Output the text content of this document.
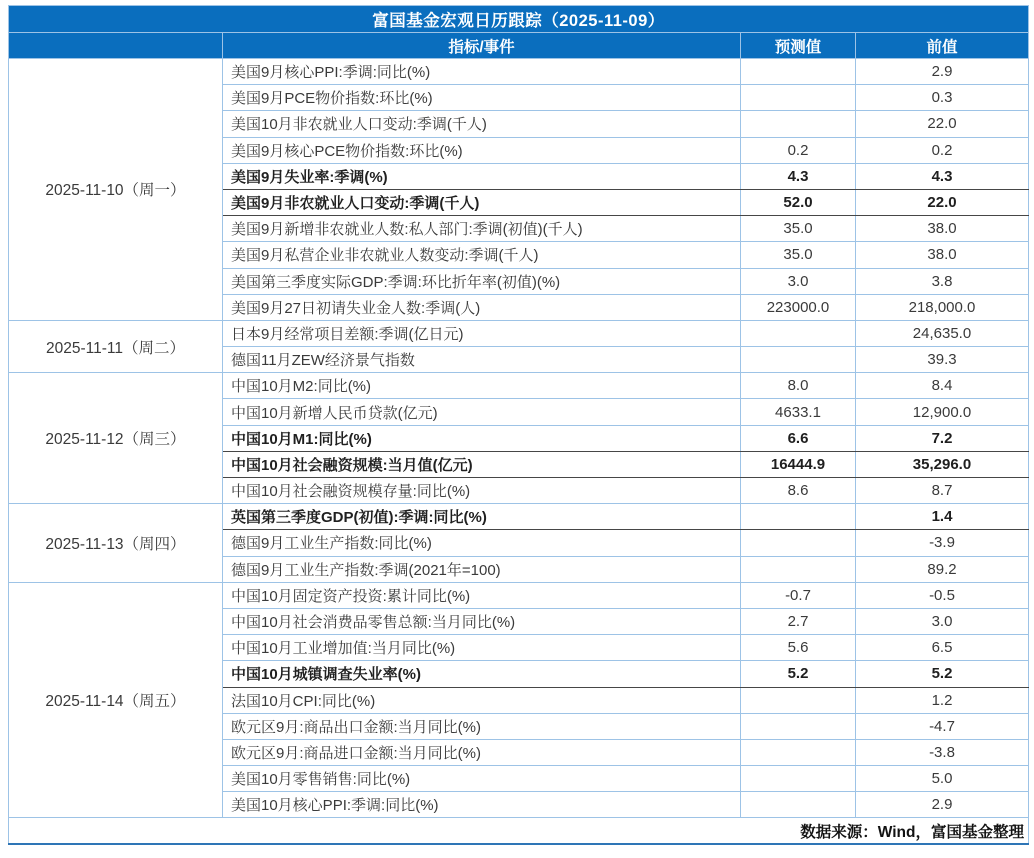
富国基金宏观日历跟踪（2025-11-09）			
	指标/事件	预测值	前值
2025-11-10（周一）	美国9月核心PPI:季调:同比(%)		2.9
	美国9月PCE物价指数:环比(%)		0.3
	美国10月非农就业人口变动:季调(千人)		22.0
	美国9月核心PCE物价指数:环比(%)	0.2	0.2
	美国9月失业率:季调(%)	4.3	4.3
	美国9月非农就业人口变动:季调(千人)	52.0	22.0
	美国9月新增非农就业人数:私人部门:季调(初值)(千人)	35.0	38.0
	美国9月私营企业非农就业人数变动:季调(千人)	35.0	38.0
	美国第三季度实际GDP:季调:环比折年率(初值)(%)	3.0	3.8
	美国9月27日初请失业金人数:季调(人)	223000.0	218,000.0
2025-11-11（周二）	日本9月经常项目差额:季调(亿日元)		24,635.0
	德国11月ZEW经济景气指数		39.3
2025-11-12（周三）	中国10月M2:同比(%)	8.0	8.4
	中国10月新增人民币贷款(亿元)	4633.1	12,900.0
	中国10月M1:同比(%)	6.6	7.2
	中国10月社会融资规模:当月值(亿元)	16444.9	35,296.0
	中国10月社会融资规模存量:同比(%)	8.6	8.7
2025-11-13（周四）	英国第三季度GDP(初值):季调:同比(%)		1.4
	德国9月工业生产指数:同比(%)		-3.9
	德国9月工业生产指数:季调(2021年=100)		89.2
2025-11-14（周五）	中国10月固定资产投资:累计同比(%)	-0.7	-0.5
	中国10月社会消费品零售总额:当月同比(%)	2.7	3.0
	中国10月工业增加值:当月同比(%)	5.6	6.5
	中国10月城镇调查失业率(%)	5.2	5.2
	法国10月CPI:同比(%)		1.2
	欧元区9月:商品出口金额:当月同比(%)		-4.7
	欧元区9月:商品进口金额:当月同比(%)		-3.8
	美国10月零售销售:同比(%)		5.0
	美国10月核心PPI:季调:同比(%)		2.9
数据来源：Wind，富国基金整理			
